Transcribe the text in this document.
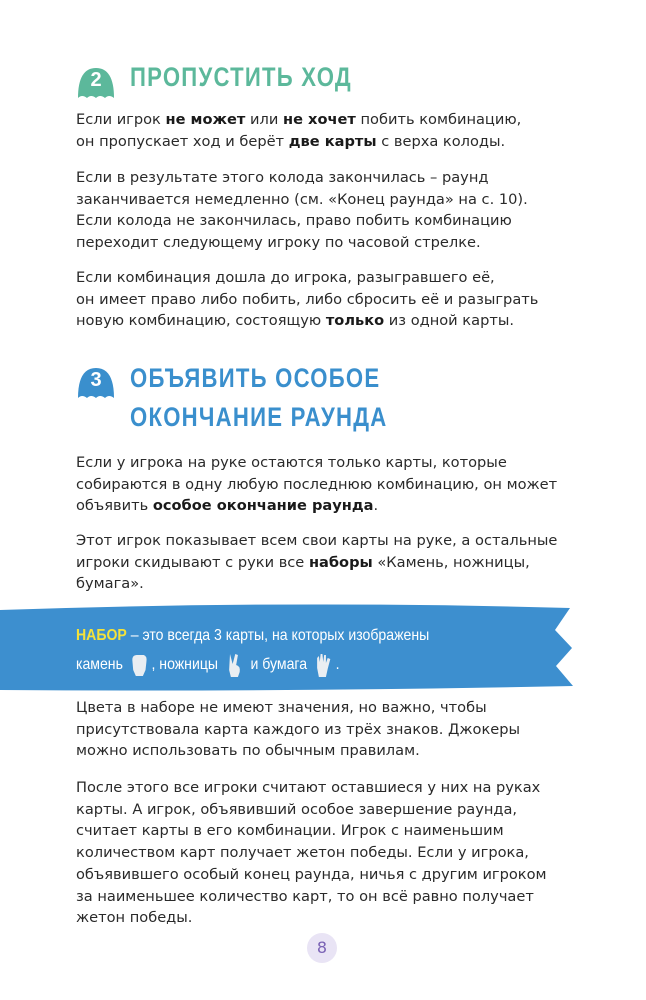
2	ПРОПУСТИТЬ ХОД
Если игрок не может или не хочет побить комбинацию,
он пропускает ход и берёт две карты с верха колоды.
Если в результате этого колода закончилась – раунд
заканчивается немедленно (см. «Конец раунда» на с. 10).
Если колода не закончилась, право побить комбинацию
переходит следующему игроку по часовой стрелке.
Если комбинация дошла до игрока, разыгравшего её,
он имеет право либо побить, либо сбросить её и разыграть
новую комбинацию, состоящую только из одной карты.
3	ОБЪЯВИТЬ ОСОБОЕ
ОКОНЧАНИЕ РАУНДА
Если у игрока на руке остаются только карты, которые
собираются в одну любую последнюю комбинацию, он может
объявить особое окончание раунда.
Этот игрок показывает всем свои карты на руке, а остальные
игроки скидывают с руки все наборы «Камень, ножницы,
бумага».
НАБОР – это всегда 3 карты, на которых изображены
камень , ножницы и бумага .
Цвета в наборе не имеют значения, но важно, чтобы
присутствовала карта каждого из трёх знаков. Джокеры
можно использовать по обычным правилам.
После этого все игроки считают оставшиеся у них на руках
карты. А игрок, объявивший особое завершение раунда,
считает карты в его комбинации. Игрок с наименьшим
количеством карт получает жетон победы. Если у игрока,
объявившего особый конец раунда, ничья с другим игроком
за наименьшее количество карт, то он всё равно получает
жетон победы.
8
